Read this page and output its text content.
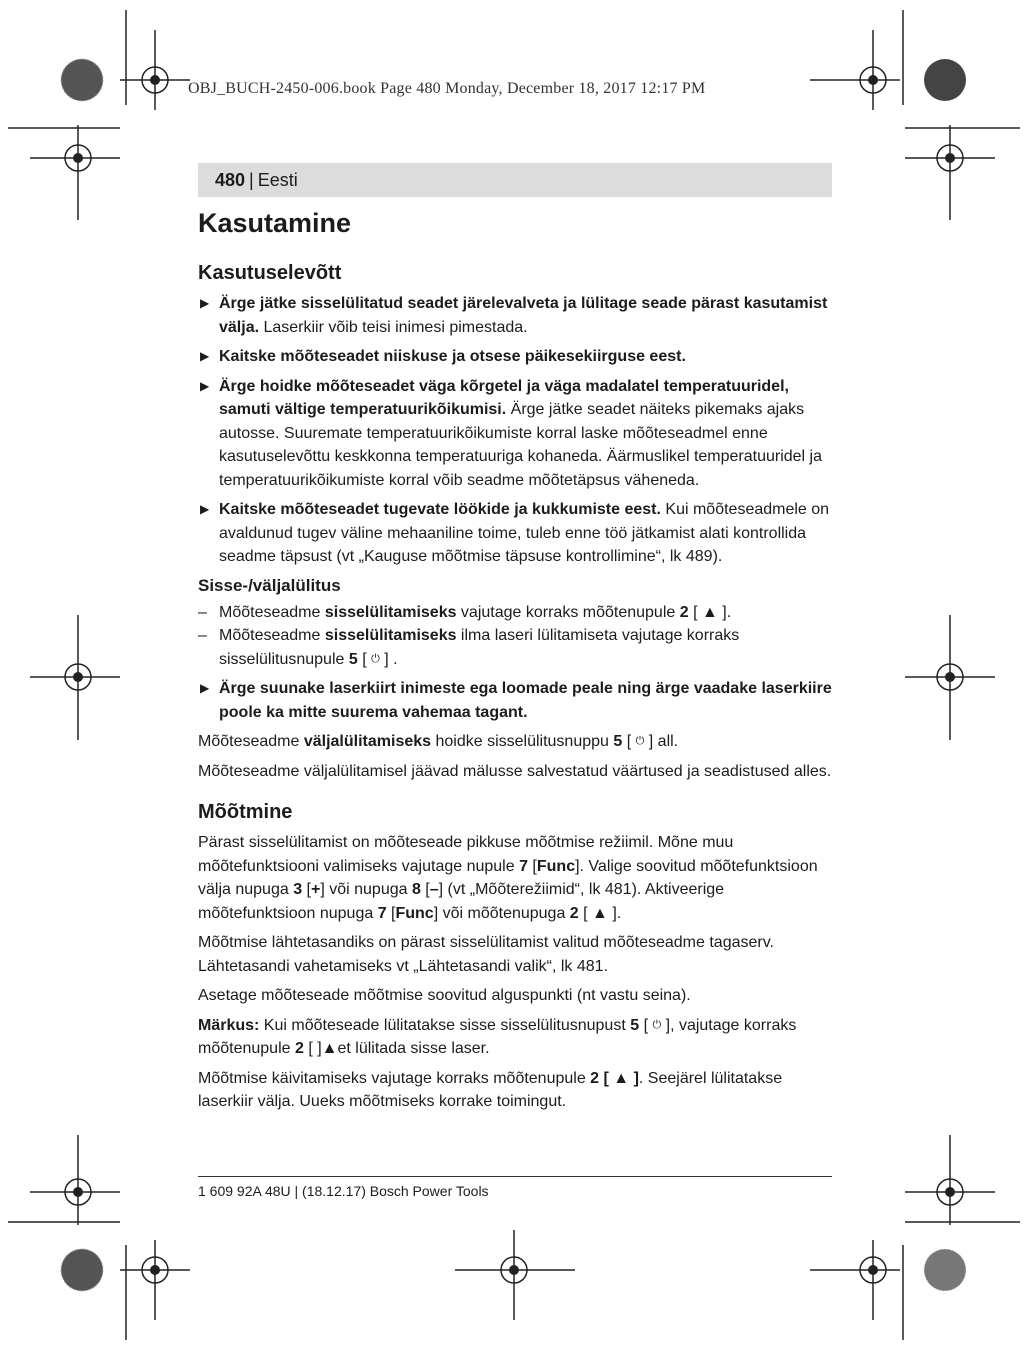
OBJ_BUCH-2450-006.book Page 480 Monday, December 18, 2017 12:17 PM
480 | Eesti
Kasutamine
Kasutuselevõtt
▶ Ärge jätke sisselülitatud seadet järelevalveta ja lülitage seade pärast kasutamist välja. Laserkiir võib teisi inimesi pimestada.
▶ Kaitske mõõteseadet niiskuse ja otsese päikesekiirguse eest.
▶ Ärge hoidke mõõteseadet väga kõrgetel ja väga madalatel temperatuuridel, samuti vältige temperatuurikõikumisi. Ärge jätke seadet näiteks pikemaks ajaks autosse. Suuremate temperatuurikõikumiste korral laske mõõteseadmel enne kasutuselevõttu keskkonna temperatuuriga kohaneda. Äärmuslikel temperatuuridel ja temperatuurikõikumiste korral võib seadme mõõtetäpsus väheneda.
▶ Kaitske mõõteseadet tugevate löökide ja kukkumiste eest. Kui mõõteseadmele on avaldunud tugev väline mehaaniline toime, tuleb enne töö jätkamist alati kontrollida seadme täpsust (vt „Kauguse mõõtmise täpsuse kontrollimine“, lk 489).
Sisse-/väljalülitus
– Mõõteseadme sisselülitamiseks vajutage korraks mõõtenupule 2 [ ▲ ].
– Mõõteseadme sisselülitamiseks ilma laseri lülitamiseta vajutage korraks sisselülitusnupule 5 [ ⏻ ] .
▶ Ärge suunake laserkiirt inimeste ega loomade peale ning ärge vaadake laserkiire poole ka mitte suurema vahemaa tagant.

Mõõteseadme väljalülitamiseks hoidke sisselülitusnuppu 5 [ ⏻ ] all.

Mõõteseadme väljalülitamisel jäävad mälusse salvestatud väärtused ja seadistused alles.

Mõõtmine

Pärast sisselülitamist on mõõteseade pikkuse mõõtmise režiimil. Mõne muu mõõtefunktsiooni valimiseks vajutage nupule 7 [Func]. Valige soovitud mõõtefunktsioon välja nupuga 3 [+] või nupuga 8 [–] (vt „Mõõterežiimid“, lk 481). Aktiveerige mõõtefunktsioon nupuga 7 [Func] või mõõtenupuga 2 [ ▲ ].

Mõõtmise lähtetasandiks on pärast sisselülitamist valitud mõõteseadme tagaserv. Lähtetasandi vahetamiseks vt „Lähtetasandi valik“, lk 481.

Asetage mõõteseade mõõtmise soovitud alguspunkti (nt vastu seina).

Märkus: Kui mõõteseade lülitatakse sisse sisselülitusnupust 5 [ ⏻ ], vajutage korraks mõõtenupule 2 [ ]▲et lülitada sisse laser.

Mõõtmise käivitamiseks vajutage korraks mõõtenupule 2 [ ▲ ]. Seejärel lülitatakse laserkiir välja. Uueks mõõtmiseks korrake toimingut.

1 609 92A 48U | (18.12.17) Bosch Power Tools
